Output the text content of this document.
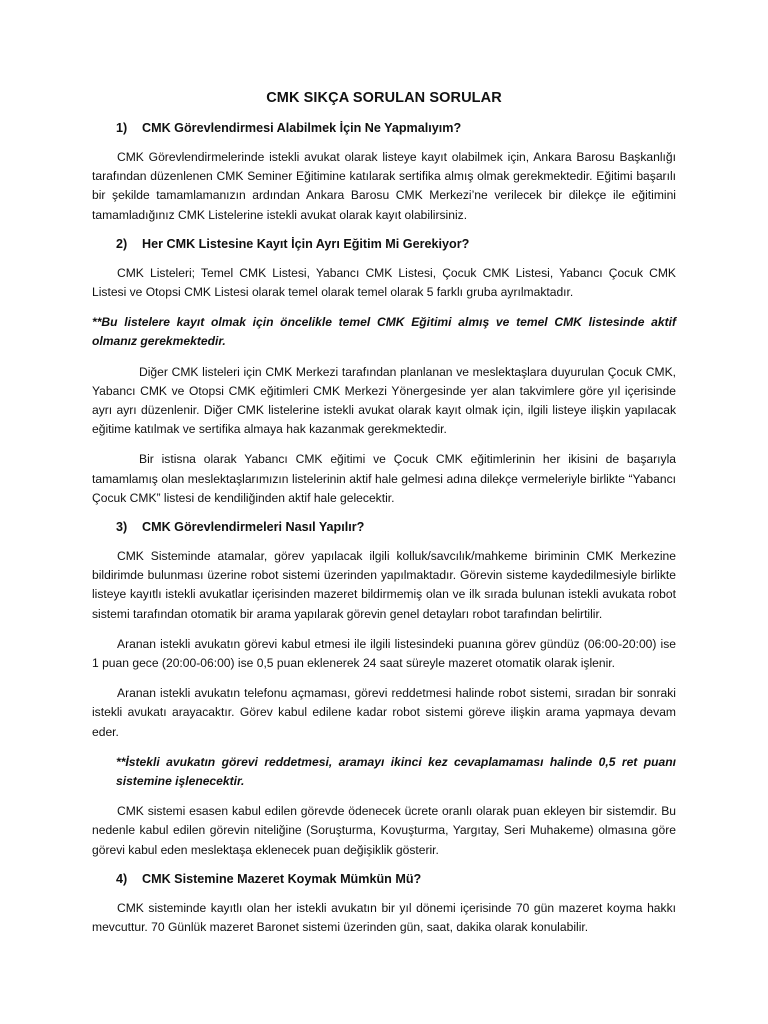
CMK SIKÇA SORULAN SORULAR
1)	CMK Görevlendirmesi Alabilmek İçin Ne Yapmalıyım?

CMK Görevlendirmelerinde istekli avukat olarak listeye kayıt olabilmek için, Ankara Barosu Başkanlığı tarafından düzenlenen CMK Seminer Eğitimine katılarak sertifika almış olmak gerekmektedir. Eğitimi başarılı bir şekilde tamamlamanızın ardından Ankara Barosu CMK Merkezi’ne verilecek bir dilekçe ile eğitimini tamamladığınız CMK Listelerine istekli avukat olarak kayıt olabilirsiniz.

2)	Her CMK Listesine Kayıt İçin Ayrı Eğitim Mi Gerekiyor?

CMK Listeleri; Temel CMK Listesi, Yabancı CMK Listesi, Çocuk CMK Listesi, Yabancı Çocuk CMK Listesi ve Otopsi CMK Listesi olarak temel olarak temel olarak 5 farklı gruba ayrılmaktadır.

**Bu listelere kayıt olmak için öncelikle temel CMK Eğitimi almış ve temel CMK listesinde aktif olmanız gerekmektedir.

Diğer CMK listeleri için CMK Merkezi tarafından planlanan ve meslektaşlara duyurulan Çocuk CMK, Yabancı CMK ve Otopsi CMK eğitimleri CMK Merkezi Yönergesinde yer alan takvimlere göre yıl içerisinde ayrı ayrı düzenlenir. Diğer CMK listelerine istekli avukat olarak kayıt olmak için, ilgili listeye ilişkin yapılacak eğitime katılmak ve sertifika almaya hak kazanmak gerekmektedir.

Bir istisna olarak Yabancı CMK eğitimi ve Çocuk CMK eğitimlerinin her ikisini de başarıyla tamamlamış olan meslektaşlarımızın listelerinin aktif hale gelmesi adına dilekçe vermeleriyle birlikte “Yabancı Çocuk CMK” listesi de kendiliğinden aktif hale gelecektir.

3)	CMK Görevlendirmeleri Nasıl Yapılır?

CMK Sisteminde atamalar, görev yapılacak ilgili kolluk/savcılık/mahkeme biriminin CMK Merkezine bildirimde bulunması üzerine robot sistemi üzerinden yapılmaktadır. Görevin sisteme kaydedilmesiyle birlikte listeye kayıtlı istekli avukatlar içerisinden mazeret bildirmemiş olan ve ilk sırada bulunan istekli avukata robot sistemi tarafından otomatik bir arama yapılarak görevin genel detayları robot tarafından belirtilir.

Aranan istekli avukatın görevi kabul etmesi ile ilgili listesindeki puanına görev gündüz (06:00-20:00) ise 1 puan gece (20:00-06:00) ise 0,5 puan eklenerek 24 saat süreyle mazeret otomatik olarak işlenir.

Aranan istekli avukatın telefonu açmaması, görevi reddetmesi halinde robot sistemi, sıradan bir sonraki istekli avukatı arayacaktır. Görev kabul edilene kadar robot sistemi göreve ilişkin arama yapmaya devam eder.

**İstekli avukatın görevi reddetmesi, aramayı ikinci kez cevaplamaması halinde 0,5 ret puanı sistemine işlenecektir.

CMK sistemi esasen kabul edilen görevde ödenecek ücrete oranlı olarak puan ekleyen bir sistemdir. Bu nedenle kabul edilen görevin niteliğine (Soruşturma, Kovuşturma, Yargıtay, Seri Muhakeme) olmasına göre görevi kabul eden meslektaşa eklenecek puan değişiklik gösterir.

4)	CMK Sistemine Mazeret Koymak Mümkün Mü?

CMK sisteminde kayıtlı olan her istekli avukatın bir yıl dönemi içerisinde 70 gün mazeret koyma hakkı mevcuttur. 70 Günlük mazeret Baronet sistemi üzerinden gün, saat, dakika olarak konulabilir.
